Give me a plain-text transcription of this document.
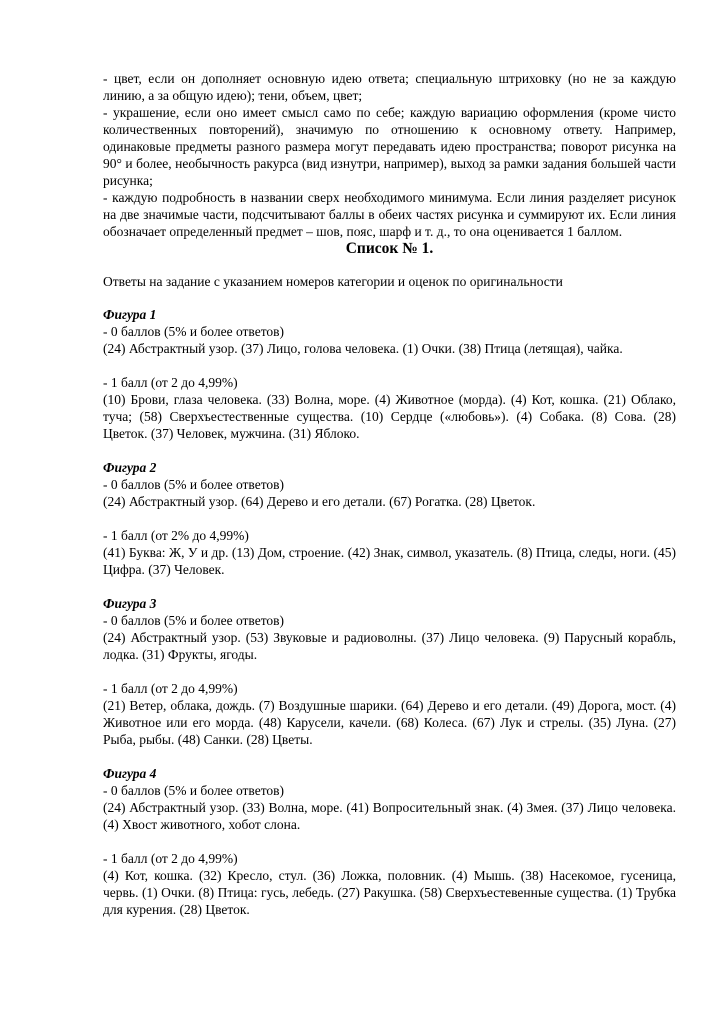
- цвет, если он дополняет основную идею ответа; специальную штриховку (но не за каждую линию, а за общую идею); тени, объем, цвет;

- украшение, если оно имеет смысл само по себе; каждую вариацию оформления (кроме чисто количественных повторений), значимую по отношению к основному ответу. Например, одинаковые предметы разного размера могут передавать идею пространства; поворот рисунка на 90° и более, необычность ракурса (вид изнутри, например), выход за рамки задания большей части рисунка;

- каждую подробность в названии сверх необходимого минимума. Если линия разделяет рисунок на две значимые части, подсчитывают баллы в обеих частях рисунка и суммируют их. Если линия обозначает определенный предмет – шов, пояс, шарф и т. д., то она оценивается 1 баллом.

Список № 1.

Ответы на задание с указанием номеров категории и оценок по оригинальности

Фигура 1

- 0 баллов (5% и более ответов)

(24) Абстрактный узор. (37) Лицо, голова человека. (1) Очки. (38) Птица (летящая), чайка.

- 1 балл (от 2 до 4,99%)

(10) Брови, глаза человека. (33) Волна, море. (4) Животное (морда). (4) Кот, кошка. (21) Облако, туча; (58) Сверхъестественные существа. (10) Сердце («любовь»). (4) Собака. (8) Сова. (28) Цветок. (37) Человек, мужчина. (31) Яблоко.

Фигура 2

- 0 баллов (5% и более ответов)

(24) Абстрактный узор. (64) Дерево и его детали. (67) Рогатка. (28) Цветок.

- 1 балл (от 2% до 4,99%)

(41) Буква: Ж, У и др. (13) Дом, строение. (42) Знак, символ, указатель. (8) Птица, следы, ноги. (45) Цифра. (37) Человек.

Фигура 3

- 0 баллов (5% и более ответов)

(24) Абстрактный узор. (53) Звуковые и радиоволны. (37) Лицо человека. (9) Парусный корабль, лодка. (31) Фрукты, ягоды.

- 1 балл (от 2 до 4,99%)

(21) Ветер, облака, дождь. (7) Воздушные шарики. (64) Дерево и его детали. (49) Дорога, мост. (4) Животное или его морда. (48) Карусели, качели. (68) Колеса. (67) Лук и стрелы. (35) Луна. (27) Рыба, рыбы. (48) Санки. (28) Цветы.

Фигура 4

- 0 баллов (5% и более ответов)

(24) Абстрактный узор. (33) Волна, море. (41) Вопросительный знак. (4) Змея. (37) Лицо человека. (4) Хвост животного, хобот слона.

- 1 балл (от 2 до 4,99%)

(4) Кот, кошка. (32) Кресло, стул. (36) Ложка, половник. (4) Мышь. (38) Насекомое, гусеница, червь. (1) Очки. (8) Птица: гусь, лебедь. (27) Ракушка. (58) Сверхъестевенные существа. (1) Трубка для курения. (28) Цветок.
